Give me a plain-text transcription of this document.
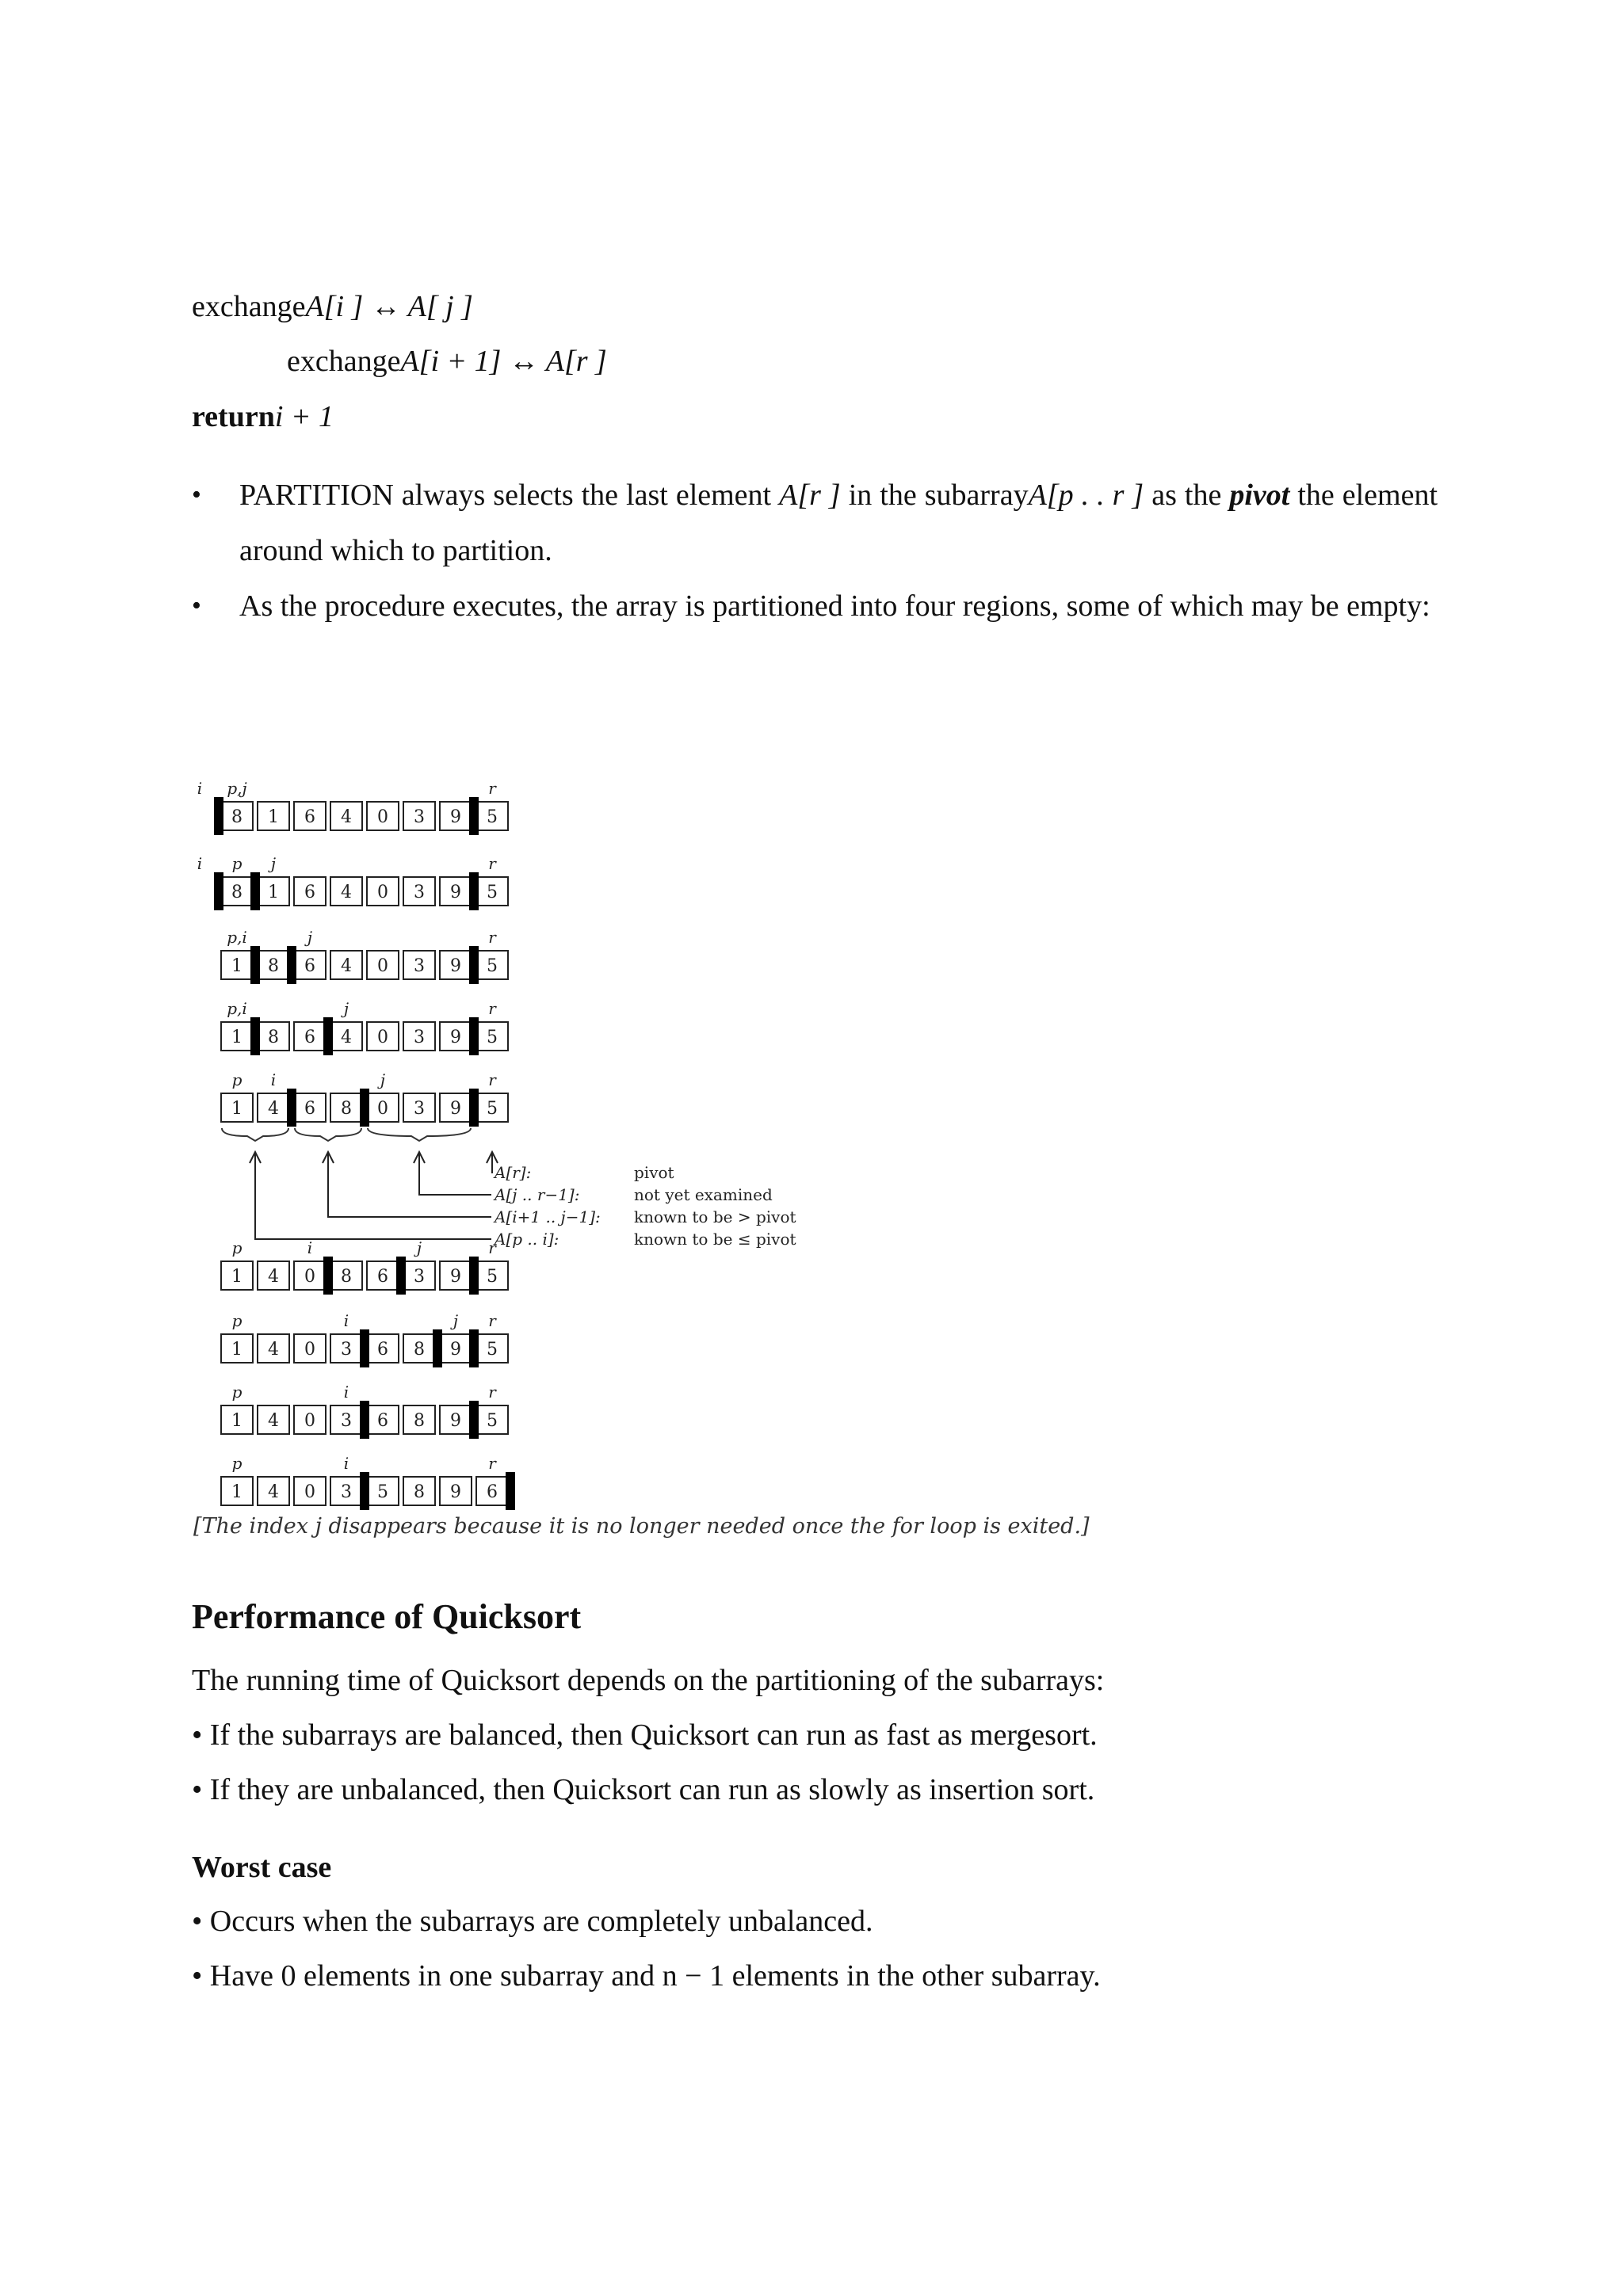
exchangeA[i ] ↔ A[ j ]
exchangeA[i + 1] ↔ A[r ]
returni + 1
• PARTITION always selects the last element A[r ] in the subarrayA[p . . r ] as the pivot the element around which to partition.
• As the procedure executes, the array is partitioned into four regions, some of which may be empty:
i p,j	r
8 1 6 4 0 3 9 5
i p j	r
8 1 6 4 0 3 9 5
p,i	j	r
1 8 6 4 0 3 9 5
p,i	j	r
1 8 6 4 0 3 9 5
p i	j	r
1 4 6 8 0 3 9 5
p	i	j	r
1 4 0 8 6 3 9 5
p	i	j r
1 4 0 3 6 8 9 5
p	i	r
1 4 0 3 6 8 9 5
p	i	r
1 4 0 3 5 8 9 6
A[r]:	pivot
A[j .. r−1]:	not yet examined
A[i+1 .. j−1]: known to be > pivot
A[p .. i]:	known to be ≤ pivot
[The index j disappears because it is no longer needed once the for loop is exited.]
Performance of Quicksort
The running time of Quicksort depends on the partitioning of the subarrays:
• If the subarrays are balanced, then Quicksort can run as fast as mergesort.
• If they are unbalanced, then Quicksort can run as slowly as insertion sort.
Worst case
• Occurs when the subarrays are completely unbalanced.
• Have 0 elements in one subarray and n − 1 elements in the other subarray.
